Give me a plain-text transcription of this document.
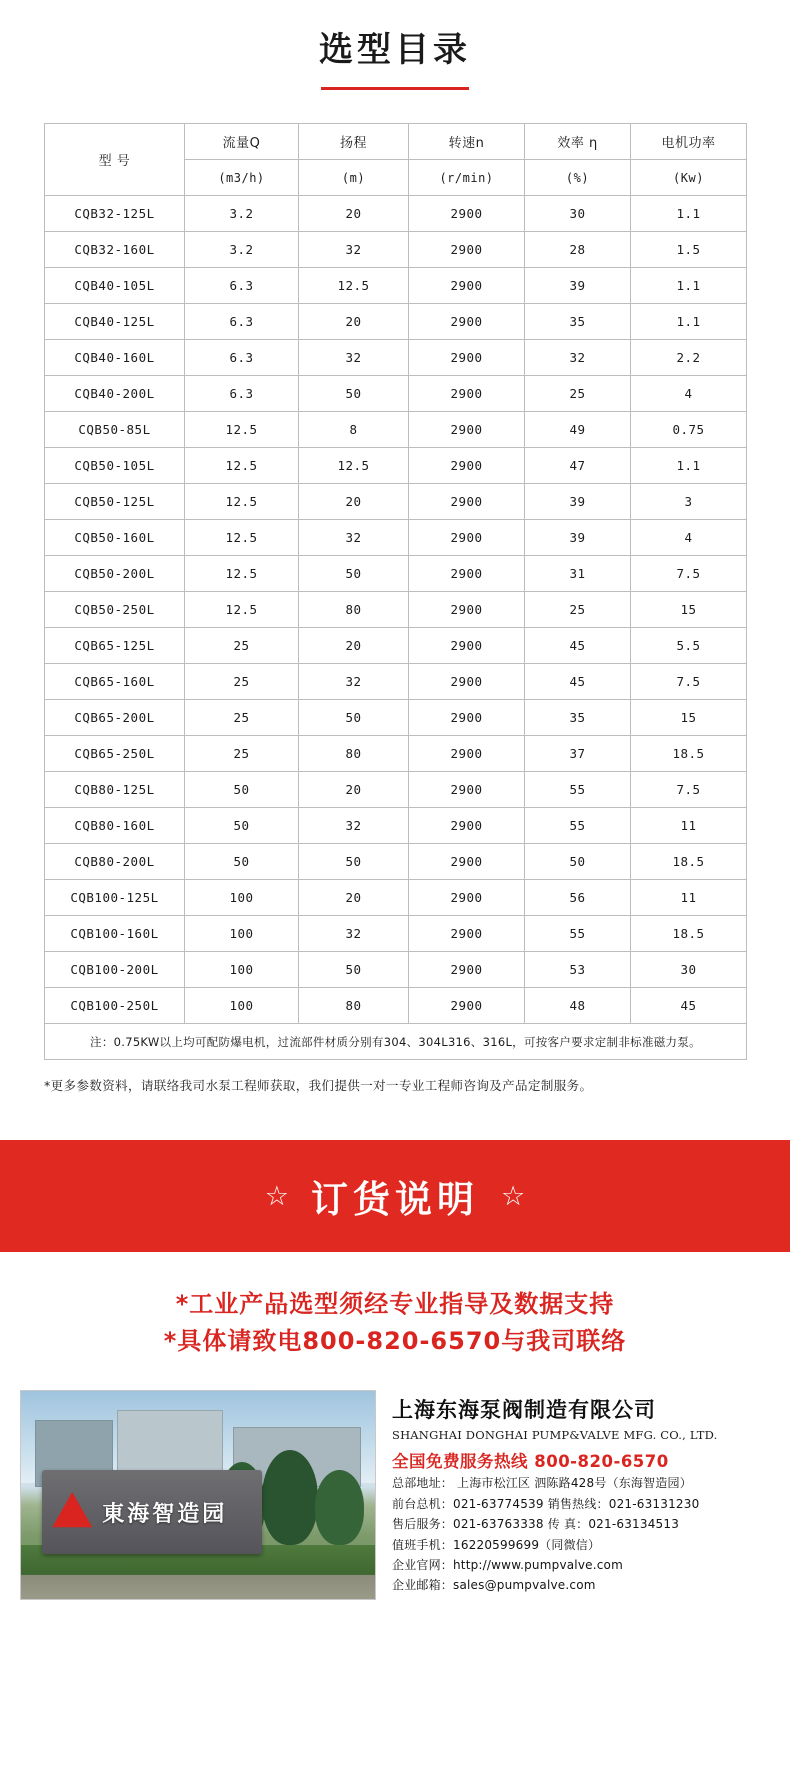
选型目录
型 号	流量Q	扬程	转速n	效率 η	电机功率
	(m3/h)	(m)	(r/min)	(%)	(Kw)
CQB32-125L	3.2	20	2900	30	1.1
CQB32-160L	3.2	32	2900	28	1.5
CQB40-105L	6.3	12.5	2900	39	1.1
CQB40-125L	6.3	20	2900	35	1.1
CQB40-160L	6.3	32	2900	32	2.2
CQB40-200L	6.3	50	2900	25	4
CQB50-85L	12.5	8	2900	49	0.75
CQB50-105L	12.5	12.5	2900	47	1.1
CQB50-125L	12.5	20	2900	39	3
CQB50-160L	12.5	32	2900	39	4
CQB50-200L	12.5	50	2900	31	7.5
CQB50-250L	12.5	80	2900	25	15
CQB65-125L	25	20	2900	45	5.5
CQB65-160L	25	32	2900	45	7.5
CQB65-200L	25	50	2900	35	15
CQB65-250L	25	80	2900	37	18.5
CQB80-125L	50	20	2900	55	7.5
CQB80-160L	50	32	2900	55	11
CQB80-200L	50	50	2900	50	18.5
CQB100-125L	100	20	2900	56	11
CQB100-160L	100	32	2900	55	18.5
CQB100-200L	100	50	2900	53	30
CQB100-250L	100	80	2900	48	45
注：0.75KW以上均可配防爆电机，过流部件材质分别有304、304L316、316L，可按客户要求定制非标准磁力泵。					
*更多参数资料，请联络我司水泵工程师获取，我们提供一对一专业工程师咨询及产品定制服务。
☆ 订货说明 ☆
*工业产品选型须经专业指导及数据支持
*具体请致电800-820-6570与我司联络
東海智造园
上海东海泵阀制造有限公司
SHANGHAI DONGHAI PUMP&VALVE MFG. CO., LTD.
全国免费服务热线 800-820-6570
总部地址： 上海市松江区 泗陈路428号（东海智造园）
前台总机：021-63774539 销售热线：021-63131230
售后服务：021-63763338 传 真：021-63134513
值班手机：16220599699（同微信）
企业官网：http://www.pumpvalve.com
企业邮箱：sales@pumpvalve.com
